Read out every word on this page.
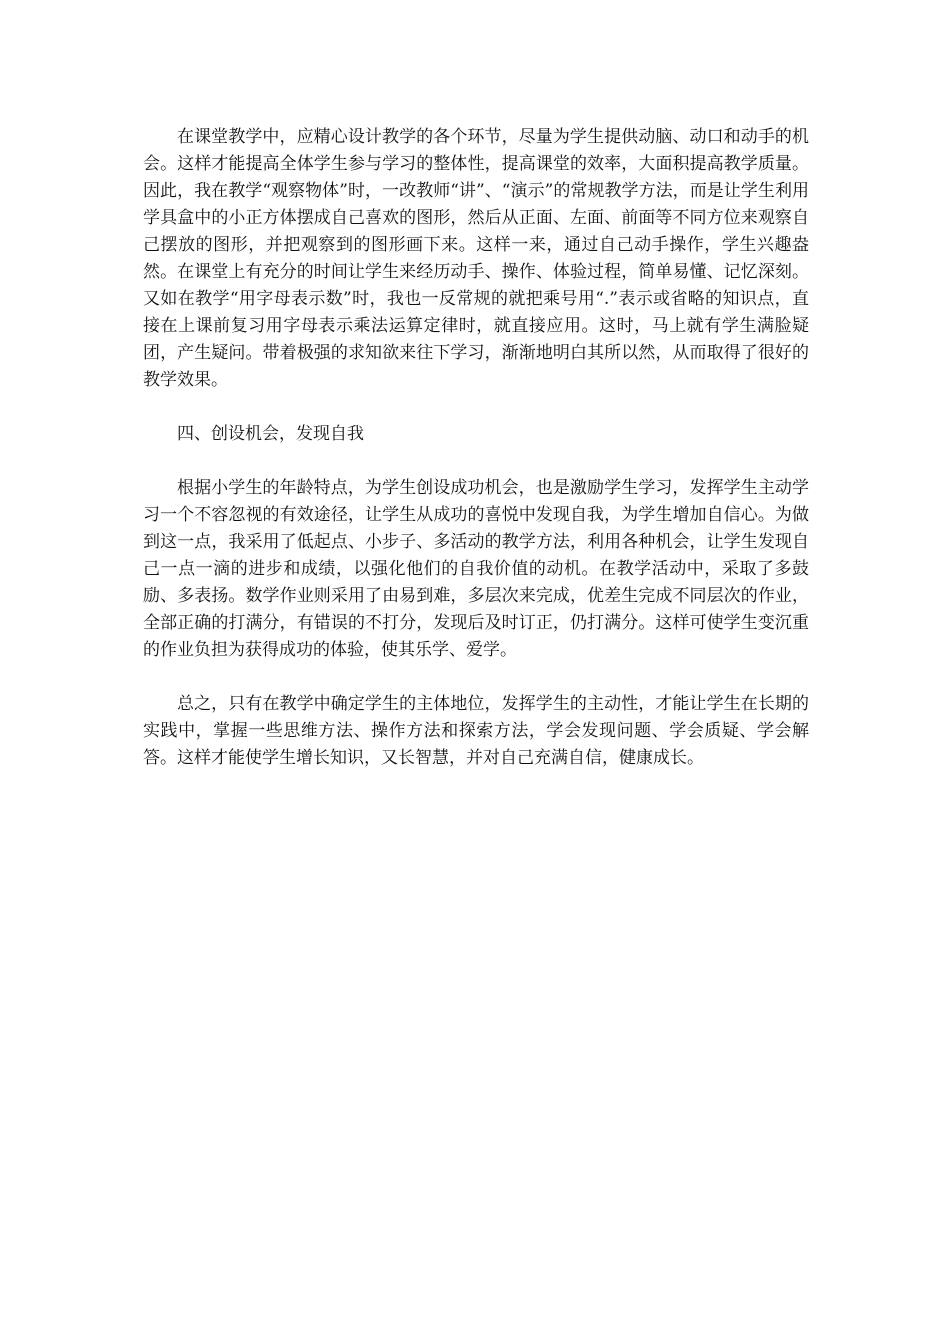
在课堂教学中，应精心设计教学的各个环节，尽量为学生提供动脑、动口和动手的机会。这样才能提高全体学生参与学习的整体性，提高课堂的效率，大面积提高教学质量。因此，我在教学“观察物体”时，一改教师“讲”、“演示”的常规教学方法，而是让学生利用学具盒中的小正方体摆成自己喜欢的图形，然后从正面、左面、前面等不同方位来观察自己摆放的图形，并把观察到的图形画下来。这样一来，通过自己动手操作，学生兴趣盎然。在课堂上有充分的时间让学生来经历动手、操作、体验过程，简单易懂、记忆深刻。又如在教学“用字母表示数”时，我也一反常规的就把乘号用“.”表示或省略的知识点，直接在上课前复习用字母表示乘法运算定律时，就直接应用。这时，马上就有学生满脸疑团，产生疑问。带着极强的求知欲来往下学习，渐渐地明白其所以然，从而取得了很好的教学效果。

四、创设机会，发现自我

根据小学生的年龄特点，为学生创设成功机会，也是激励学生学习，发挥学生主动学习一个不容忽视的有效途径，让学生从成功的喜悦中发现自我，为学生增加自信心。为做到这一点，我采用了低起点、小步子、多活动的教学方法，利用各种机会，让学生发现自己一点一滴的进步和成绩，以强化他们的自我价值的动机。在教学活动中，采取了多鼓励、多表扬。数学作业则采用了由易到难，多层次来完成，优差生完成不同层次的作业，全部正确的打满分，有错误的不打分，发现后及时订正，仍打满分。这样可使学生变沉重的作业负担为获得成功的体验，使其乐学、爱学。

总之，只有在教学中确定学生的主体地位，发挥学生的主动性，才能让学生在长期的实践中，掌握一些思维方法、操作方法和探索方法，学会发现问题、学会质疑、学会解答。这样才能使学生增长知识，又长智慧，并对自己充满自信，健康成长。
